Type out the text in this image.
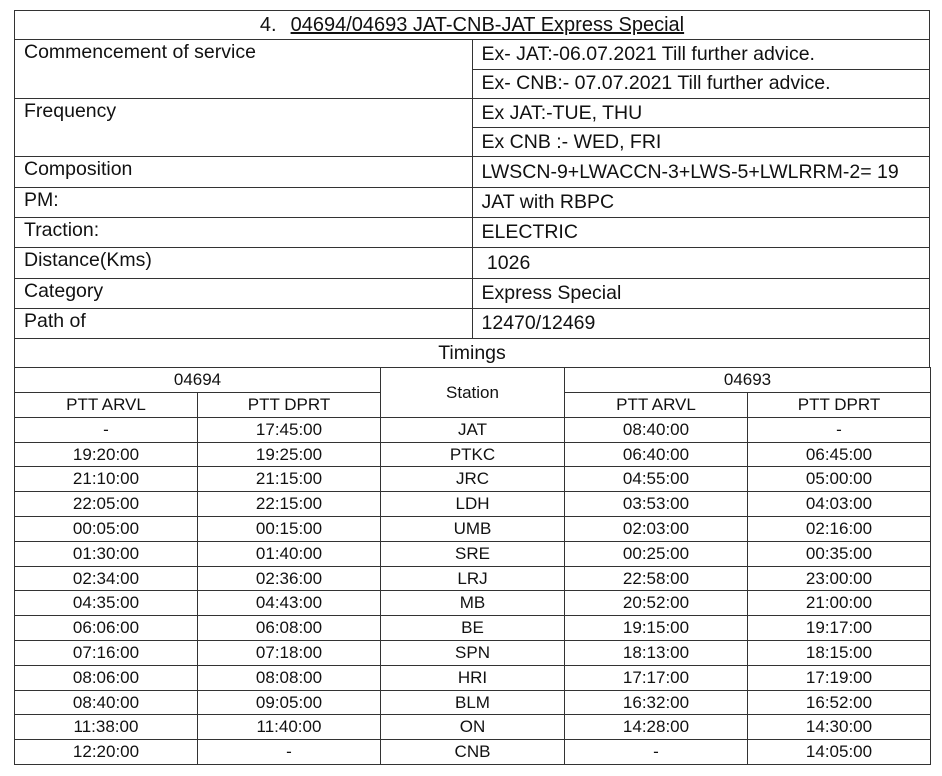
4. 04694/04693 JAT-CNB-JAT Express Special	
Commencement of service	Ex- JAT:-06.07.2021 Till further advice.
	Ex- CNB:- 07.07.2021 Till further advice.
Frequency	Ex JAT:-TUE, THU
	Ex CNB :- WED, FRI
Composition	LWSCN-9+LWACCN-3+LWS-5+LWLRRM-2= 19
PM:	JAT with RBPC
Traction:	ELECTRIC
Distance(Kms)	1026
Category	Express Special
Path of	12470/12469
Timings	
04694		Station	04693	
PTT ARVL	PTT DPRT		PTT ARVL	PTT DPRT
-	17:45:00	JAT	08:40:00	-
19:20:00	19:25:00	PTKC	06:40:00	06:45:00
21:10:00	21:15:00	JRC	04:55:00	05:00:00
22:05:00	22:15:00	LDH	03:53:00	04:03:00
00:05:00	00:15:00	UMB	02:03:00	02:16:00
01:30:00	01:40:00	SRE	00:25:00	00:35:00
02:34:00	02:36:00	LRJ	22:58:00	23:00:00
04:35:00	04:43:00	MB	20:52:00	21:00:00
06:06:00	06:08:00	BE	19:15:00	19:17:00
07:16:00	07:18:00	SPN	18:13:00	18:15:00
08:06:00	08:08:00	HRI	17:17:00	17:19:00
08:40:00	09:05:00	BLM	16:32:00	16:52:00
11:38:00	11:40:00	ON	14:28:00	14:30:00
12:20:00	-	CNB	-	14:05:00
